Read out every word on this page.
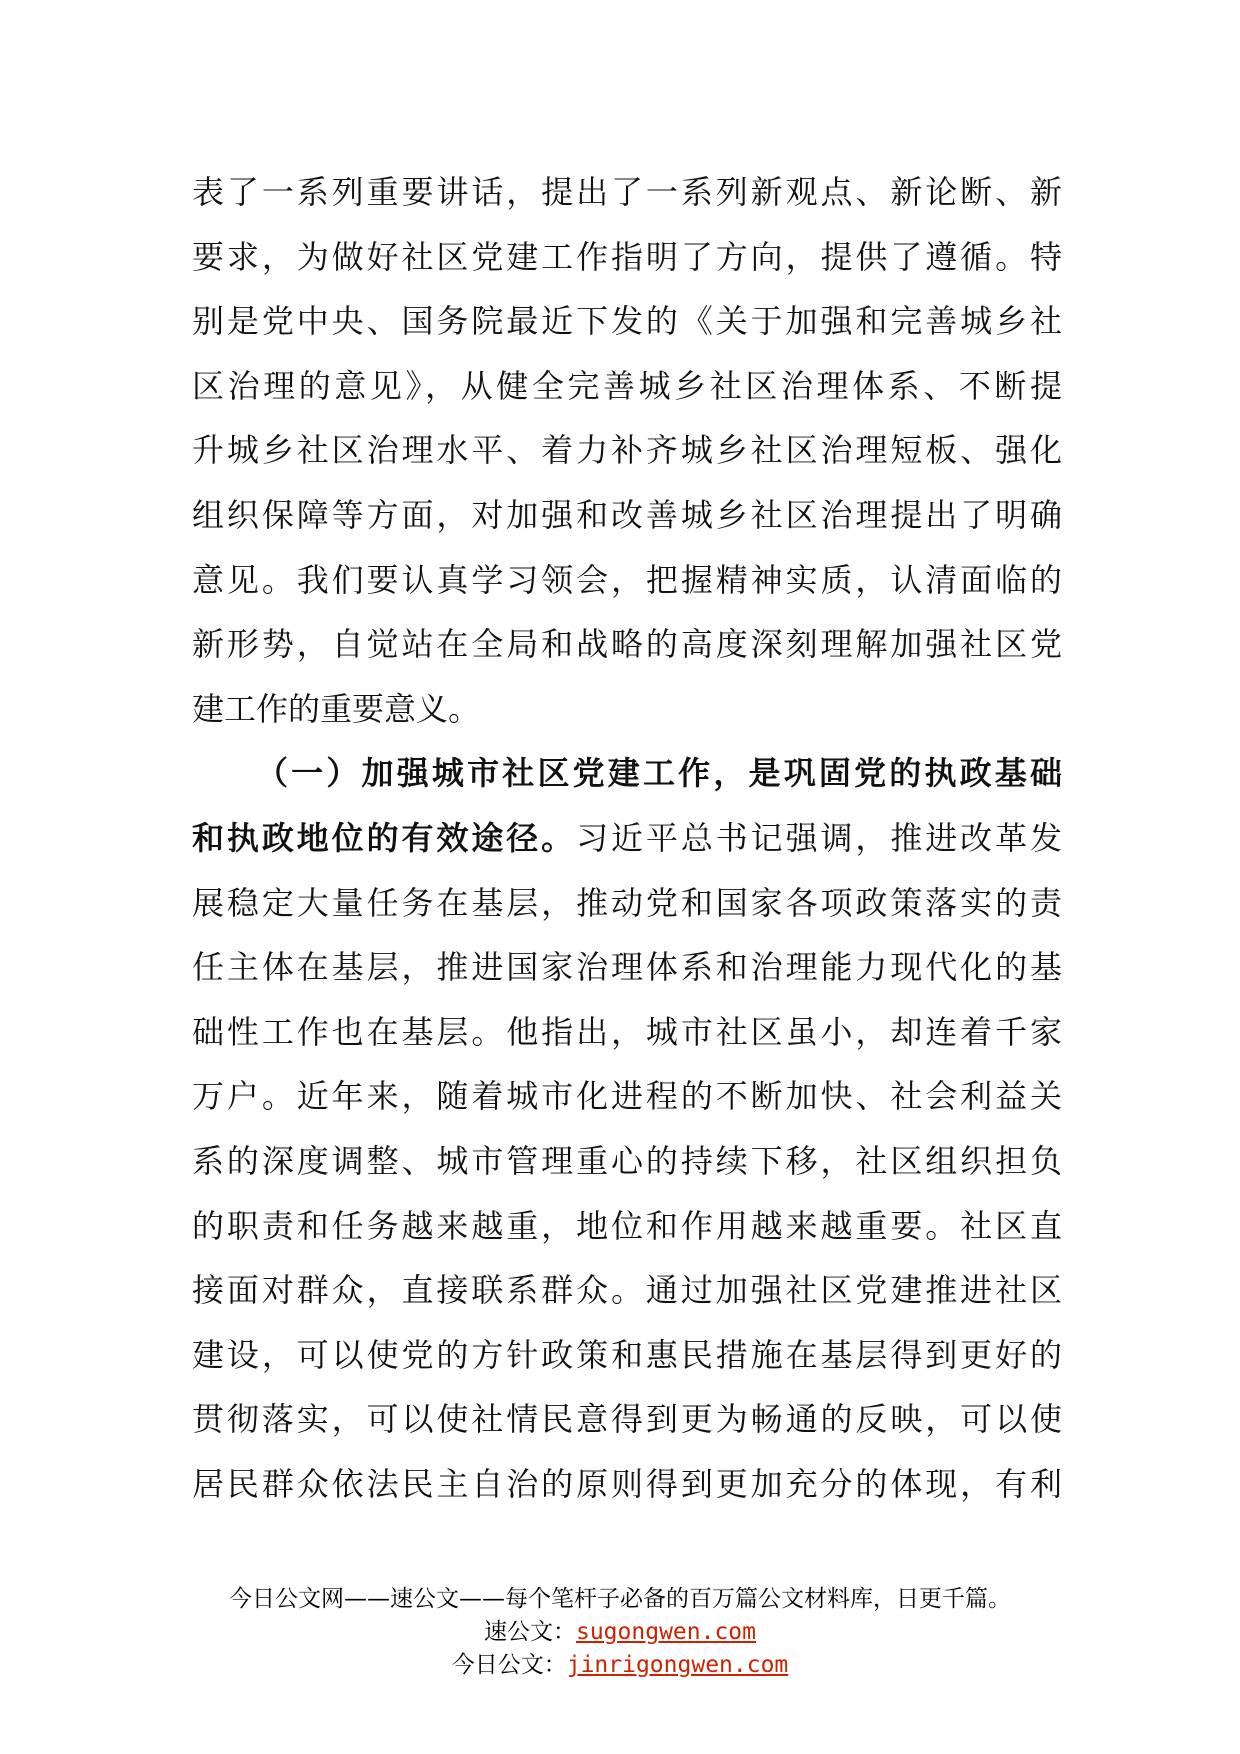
表了一系列重要讲话，提出了一系列新观点、新论断、新
要求，为做好社区党建工作指明了方向，提供了遵循。特
别是党中央、国务院最近下发的《关于加强和完善城乡社
区治理的意见》，从健全完善城乡社区治理体系、不断提
升城乡社区治理水平、着力补齐城乡社区治理短板、强化
组织保障等方面，对加强和改善城乡社区治理提出了明确
意见。我们要认真学习领会，把握精神实质，认清面临的
新形势，自觉站在全局和战略的高度深刻理解加强社区党
建工作的重要意义。
（一）加强城市社区党建工作，是巩固党的执政基础
和执政地位的有效途径。习近平总书记强调，推进改革发
展稳定大量任务在基层，推动党和国家各项政策落实的责
任主体在基层，推进国家治理体系和治理能力现代化的基
础性工作也在基层。他指出，城市社区虽小，却连着千家
万户。近年来，随着城市化进程的不断加快、社会利益关
系的深度调整、城市管理重心的持续下移，社区组织担负
的职责和任务越来越重，地位和作用越来越重要。社区直
接面对群众，直接联系群众。通过加强社区党建推进社区
建设，可以使党的方针政策和惠民措施在基层得到更好的
贯彻落实，可以使社情民意得到更为畅通的反映，可以使
居民群众依法民主自治的原则得到更加充分的体现，有利
今日公文网——速公文——每个笔杆子必备的百万篇公文材料库，日更千篇。
速公文：sugongwen.com
今日公文：jinrigongwen.com
